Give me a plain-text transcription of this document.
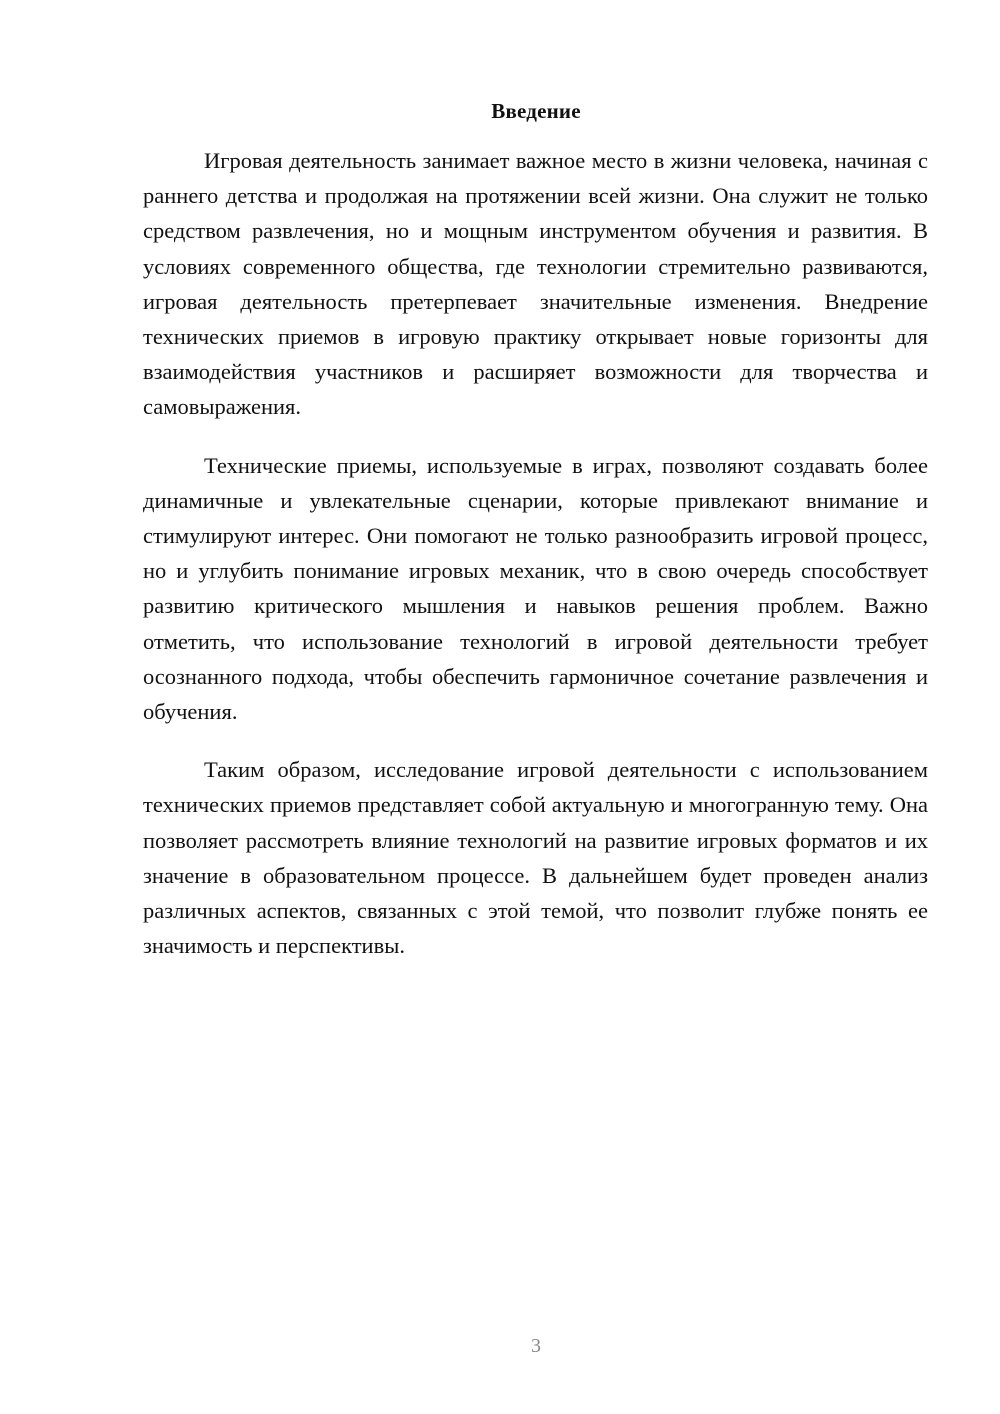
Введение

Игровая деятельность занимает важное место в жизни человека, начиная с раннего детства и продолжая на протяжении всей жизни. Она служит не только средством развлечения, но и мощным инструментом обучения и развития. В условиях современного общества, где технологии стремительно развиваются, игровая деятельность претерпевает значительные изменения. Внедрение технических приемов в игровую практику открывает новые горизонты для взаимодействия участников и расширяет возможности для творчества и самовыражения.

Технические приемы, используемые в играх, позволяют создавать более динамичные и увлекательные сценарии, которые привлекают внимание и стимулируют интерес. Они помогают не только разнообразить игровой процесс, но и углубить понимание игровых механик, что в свою очередь способствует развитию критического мышления и навыков решения проблем. Важно отметить, что использование технологий в игровой деятельности требует осознанного подхода, чтобы обеспечить гармоничное сочетание развлечения и обучения.

Таким образом, исследование игровой деятельности с использованием технических приемов представляет собой актуальную и многогранную тему. Она позволяет рассмотреть влияние технологий на развитие игровых форматов и их значение в образовательном процессе. В дальнейшем будет проведен анализ различных аспектов, связанных с этой темой, что позволит глубже понять ее значимость и перспективы.

3
